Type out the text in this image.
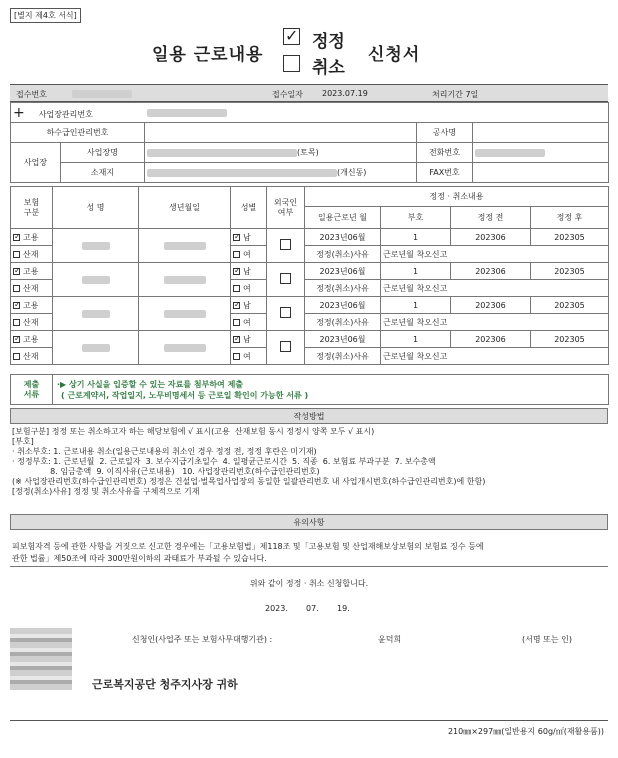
[별지 제4호 서식]
일용 근로내용
✓
정정
취소
신청서
접수번호	접수일자 2023.07.19	처리기간 7일
+ 사업장관리번호				
하수급인관리번호			공사명	
사업장	사업장명	(토목)	전화번호	
	소재지	(개신동)	FAX번호	
보험
구분	성 명	생년월일	성별	외국인
여부	정정 · 취소내용			
					일용근로년 월	부호	정정 전	정정 후
✓고용			✓남		2023년06월	1	202306	202305
산재			여		정정(취소)사유	근로년월 착오신고		
✓고용			✓남		2023년06월	1	202306	202305
산재			여		정정(취소)사유	근로년월 착오신고		
✓고용			✓남		2023년06월	1	202306	202305
산재			여		정정(취소)사유	근로년월 착오신고		
✓고용			✓남		2023년06월	1	202306	202305
산재			여		정정(취소)사유	근로년월 착오신고		
제출
서류

·▶ 상기 사실을 입증할 수 있는 자료를 첨부하여 제출
( 근로계약서, 작업일지, 노무비명세서 등 근로일 확인이 가능한 서류 )
작성방법
[보험구분] 정정 또는 취소하고자 하는 해당보험에 √ 표시(고용  산재보험 동시 정정시 양쪽 모두 √ 표시)
[부호]
· 취소부호: 1. 근로내용 취소(일용근로내용의 취소인 경우 정정 전, 정정 후란은 미기재)
· 정정부호: 1. 근로년월  2. 근로일자  3. 보수지급기초일수  4. 일평균근로시간  5. 직종  6. 보험료 부과구분  7. 보수총액
8. 임금총액  9. 이직사유(근로내용)   10. 사업장관리번호(하수급인관리번호)
(※ 사업장관리번호(하수급인관리번호) 정정은 건설업·벌목업사업장의 동일한 일괄관리번호 내 사업개시번호(하수급인관리번호)에 한함)
[정정(취소)사유] 정정 및 취소사유를 구체적으로 기재
유의사항
피보험자격 등에 관한 사항을 거짓으로 신고한 경우에는「고용보험법」제118조 및「고용보험 및 산업재해보상보험의 보험료 징수 등에
관한 법률」제50조에 따라 300만원이하의 과태료가 부과될 수 있습니다.
위와 같이 정정 · 취소 신청합니다.
2023. 07. 19.
신청인(사업주 또는 보험사무대행기관) :	윤덕희	(서명 또는 인)
근로복지공단 청주지사장 귀하
210㎜×297㎜(일반용지 60g/㎡(재활용품))
